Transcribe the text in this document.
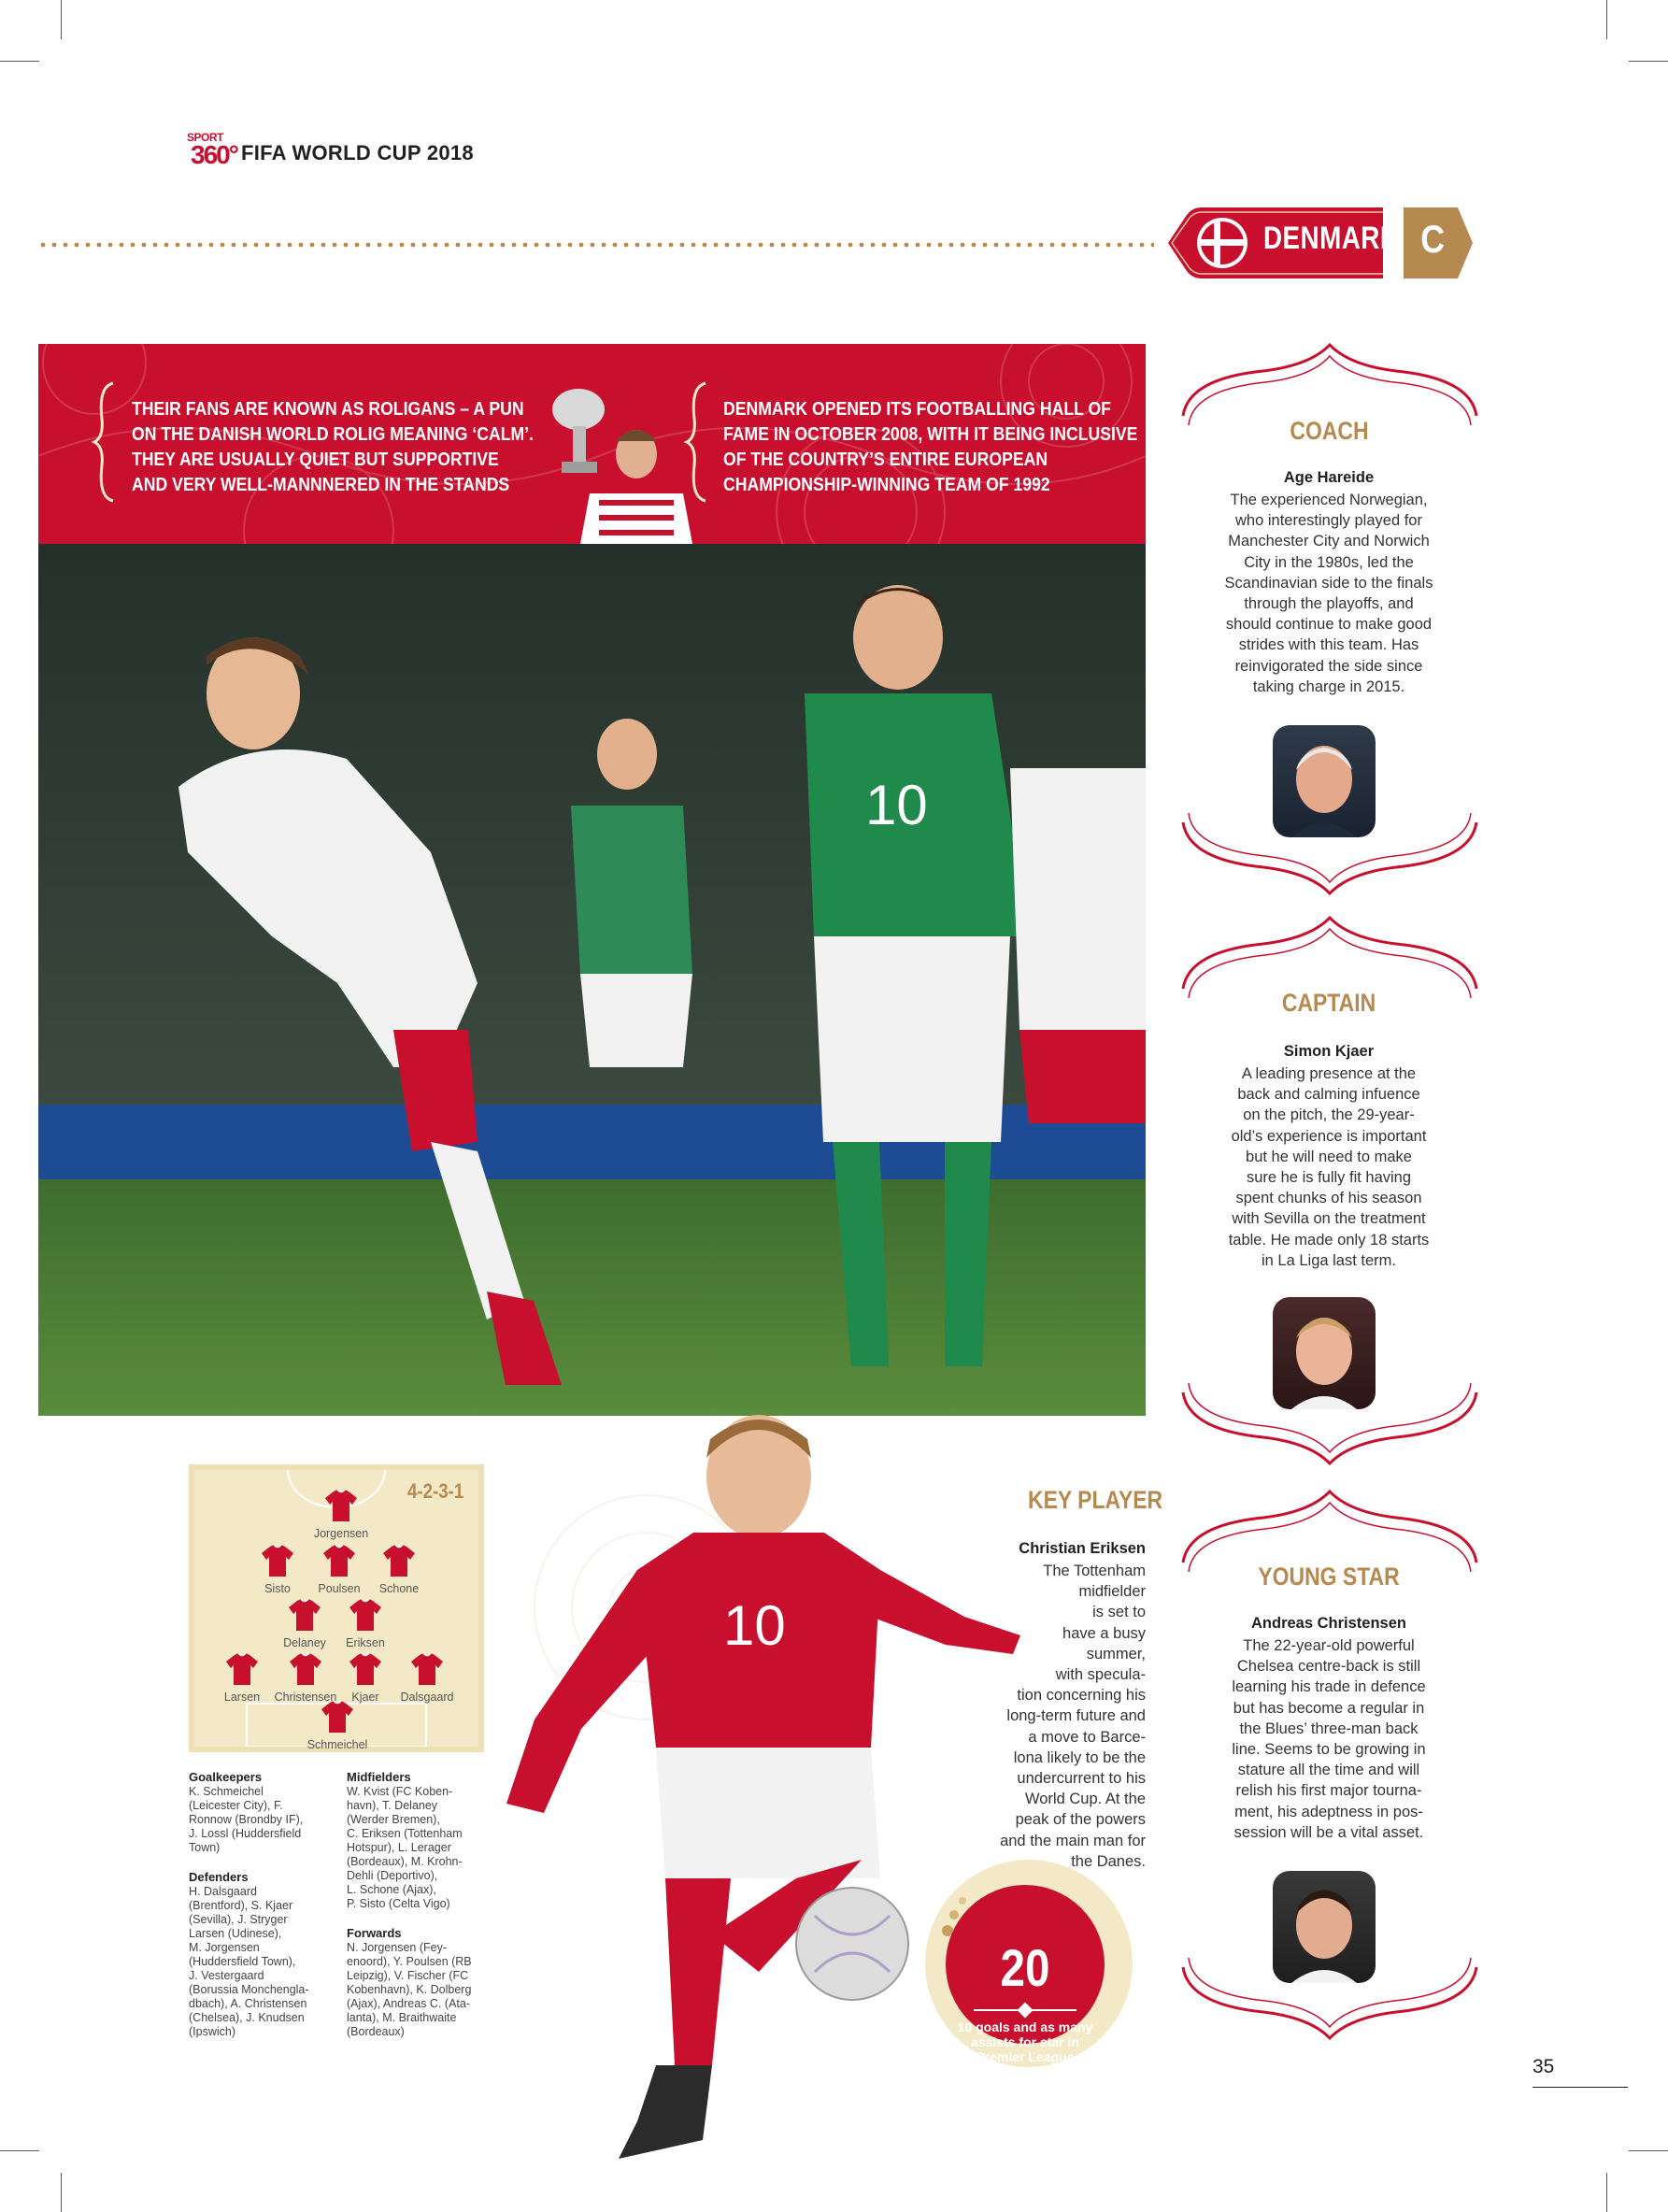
SPORT
360° FIFA WORLD CUP 2018
DENMARK C
THEIR FANS ARE KNOWN AS ROLIGANS – A PUN ON THE DANISH WORLD ROLIG MEANING ‘CALM’. THEY ARE USUALLY QUIET BUT SUPPORTIVE AND VERY WELL-MANNNERED IN THE STANDS
DENMARK OPENED ITS FOOTBALLING HALL OF FAME IN OCTOBER 2008, WITH IT BEING INCLUSIVE OF THE COUNTRY’S ENTIRE EUROPEAN CHAMPIONSHIP-WINNING TEAM OF 1992
10
4-2-3-1
Jorgensen
Sisto	Poulsen	Schone
Delaney	Eriksen
Larsen	Christensen	Kjaer	Dalsgaard
Schmeichel
Goalkeepers

K. Schmeichel
(Leicester City), F.
Ronnow (Brondby IF),
J. Lossl (Huddersfield
Town)

Defenders

H. Dalsgaard
(Brentford), S. Kjaer
(Sevilla), J. Stryger
Larsen (Udinese),
M. Jorgensen
(Huddersfield Town),
J. Vestergaard
(Borussia Monchengla-
dbach), A. Christensen
(Chelsea), J. Knudsen
(Ipswich)

Midfielders

W. Kvist (FC Koben-
havn), T. Delaney
(Werder Bremen),
C. Eriksen (Tottenham
Hotspur), L. Lerager
(Bordeaux), M. Krohn-
Dehli (Deportivo),
L. Schone (Ajax),
P. Sisto (Celta Vigo)

Forwards

N. Jorgensen (Fey-
enoord), Y. Poulsen (RB
Leipzig), V. Fischer (FC
Kobenhavn), K. Dolberg
(Ajax), Andreas C. (Ata-
lanta), M. Braithwaite
(Bordeaux)

10
KEY PLAYER
Christian Eriksen
The Tottenham
midfielder
is set to
have a busy
summer,
with specula-
tion concerning his
long-term future and
a move to Barce-
lona likely to be the
undercurrent to his
World Cup. At the
peak of the powers
and the main man for
the Danes.
20
10 goals and as many
assists for star in
Premier League
COACH
Age Hareide
The experienced Norwegian,
who interestingly played for
Manchester City and Norwich
City in the 1980s, led the
Scandinavian side to the finals
through the playoffs, and
should continue to make good
strides with this team. Has
reinvigorated the side since
taking charge in 2015.
CAPTAIN
Simon Kjaer
A leading presence at the
back and calming infuence
on the pitch, the 29-year-
old’s experience is important
but he will need to make
sure he is fully fit having
spent chunks of his season
with Sevilla on the treatment
table. He made only 18 starts
in La Liga last term.
YOUNG STAR
Andreas Christensen
The 22-year-old powerful
Chelsea centre-back is still
learning his trade in defence
but has become a regular in
the Blues’ three-man back
line. Seems to be growing in
stature all the time and will
relish his first major tourna-
ment, his adeptness in pos-
session will be a vital asset.
35
